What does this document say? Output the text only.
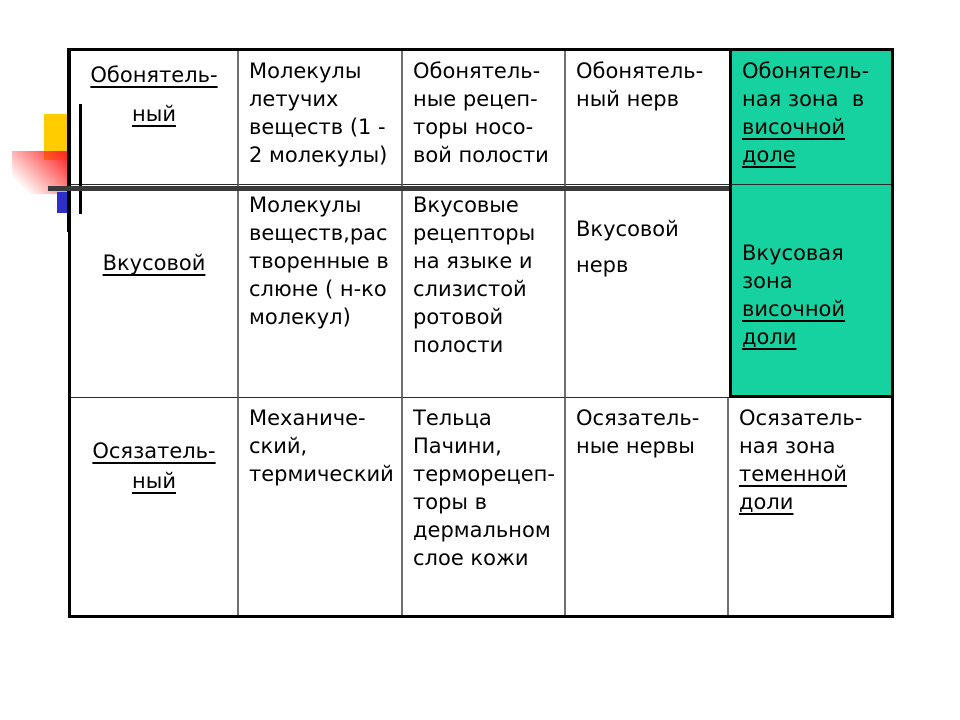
Обонятель-
ный
Молекулы
летучих
веществ (1 -
2 молекулы)
Обонятель-
ные рецеп-
торы носо-
вой полости
Обонятель-
ный нерв
Обонятель-
ная зона  в
височной
доле
Вкусовой
Молекулы
веществ,рас
творенные в
слюне ( н-ко
молекул)
Вкусовые
рецепторы
на языке и
слизистой
ротовой
полости
Вкусовой
нерв	Вкусовая
зона
височной
доли
Осязатель-
ный
Механиче-
ский,
термический
Тельца
Пачини,
терморецеп-
торы в
дермальном
слое кожи
Осязатель-
ные нервы
Осязатель-
ная зона
теменной
доли
